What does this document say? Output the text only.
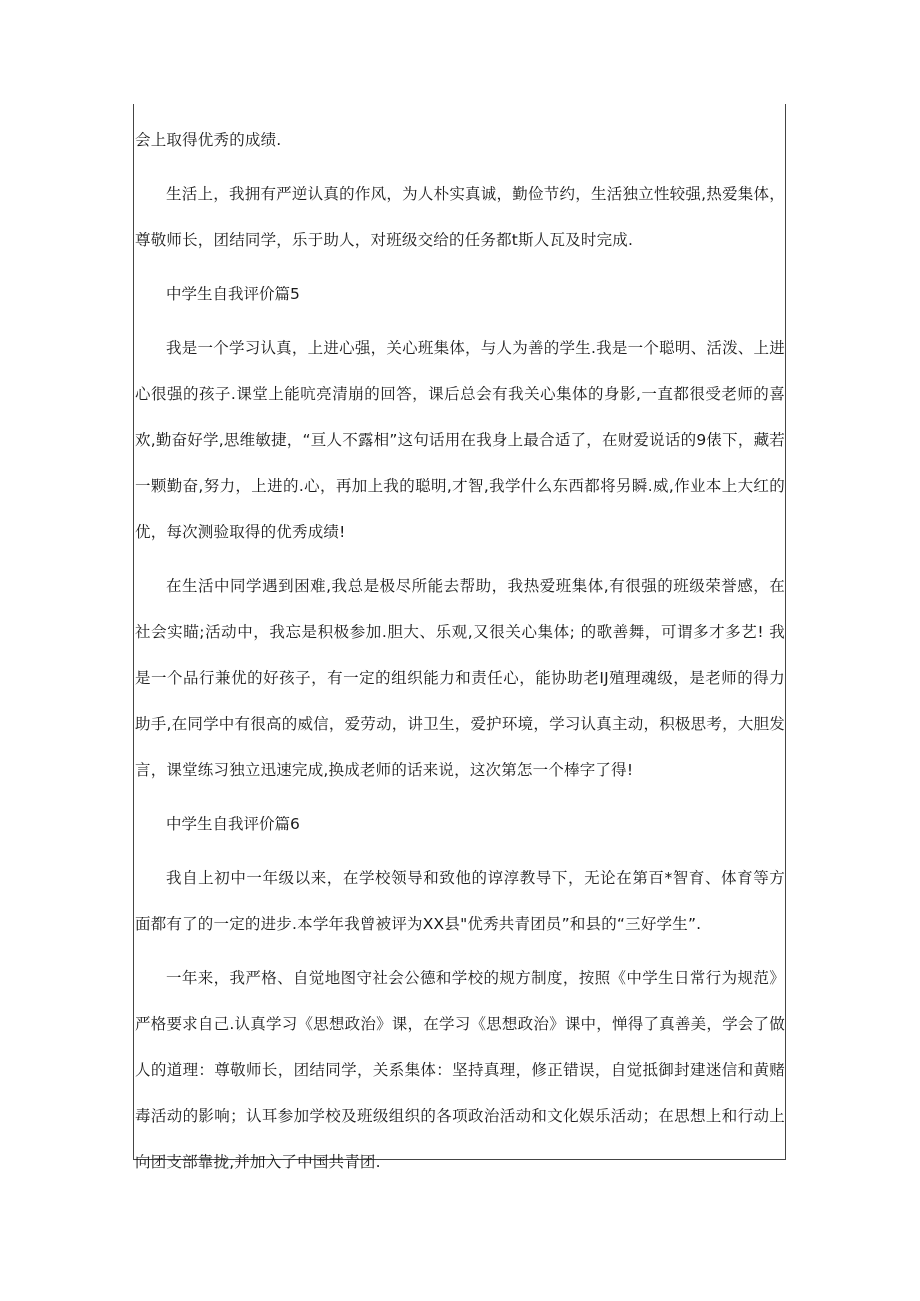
会上取得优秀的成绩.

生活上，我拥有严逆认真的作风，为人朴实真诚，勤俭节约，生活独立性较强,热爱集体，尊敬师长，团结同学，乐于助人，对班级交给的任务都t斯人瓦及时完成.

中学生自我评价篇5

我是一个学习认真，上进心强，关心班集体，与人为善的学生.我是一个聪明、活泼、上进心很强的孩子.课堂上能吭亮清崩的回答，课后总会有我关心集体的身影,一直都很受老师的喜欢,勤奋好学,思维敏捷，“亘人不露相”这句话用在我身上最合适了，在财爱说话的9俵下，藏若一颗勤奋,努力，上进的.心，再加上我的聪明,才智,我学什么东西都将另瞬.威,作业本上大红的优，每次测验取得的优秀成绩!

在生活中同学遇到困难,我总是极尽所能去帮助，我热爱班集体,有很强的班级荣誉感，在社会实瞄;活动中，我忘是积极参加.胆大、乐观,又很关心集体; 的歌善舞，可谓多才多艺! 我是一个品行兼优的好孩子，有一定的组织能力和责任心，能协助老IJ殖理魂级，是老师的得力助手,在同学中有很高的威信，爱劳动，讲卫生，爱护环境，学习认真主动，积极思考，大胆发言，课堂练习独立迅速完成,换成老师的话来说，这次第怎一个棒字了得!

中学生自我评价篇6

我自上初中一年级以来，在学校领导和致他的谆淳教导下，无论在第百*智育、体育等方面都有了的一定的进步.本学年我曾被评为XX县"优秀共青团员”和县的“三好学生”.

一年来，我严格、自觉地图守社会公德和学校的规方制度，按照《中学生日常行为规范》严格要求自己.认真学习《思想政治》课，在学习《思想政治》课中，惮得了真善美，学会了做人的道理：尊敬师长，团结同学，关系集体：坚持真理，修正错误，自觉抵御封建迷信和黄赌毒活动的影响；认耳参加学校及班级组织的各项政治活动和文化娱乐活动；在思想上和行动上向团支部靠拢,并加入了中国共青团.
